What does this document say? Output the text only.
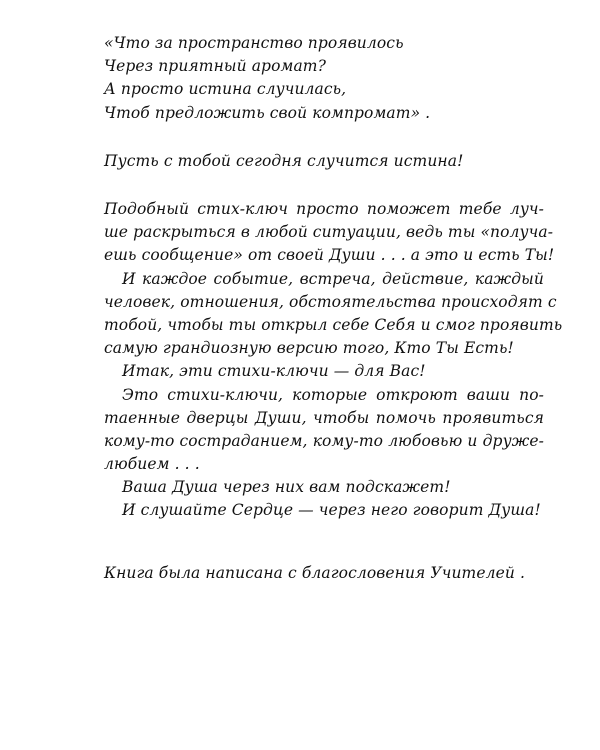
«Что за пространство проявилось
Через приятный аромат?
А просто истина случилась,
Чтоб предложить свой компромат» .
Пусть с тобой сегодня случится истина!
Подобный стих-ключ просто поможет тебе луч-
ше раскрыться в любой ситуации, ведь ты «получа-
ешь сообщение» от своей Души . . . а это и есть Ты!
И каждое событие, встреча, действие, каждый
человек, отношения, обстоятельства происходят с
тобой, чтобы ты открыл себе Себя и смог проявить
самую грандиозную версию того, Кто Ты Есть!
Итак, эти стихи-ключи — для Вас!
Это стихи-ключи, которые откроют ваши по-
таенные дверцы Души, чтобы помочь проявиться
кому-то состраданием, кому-то любовью и друже-
любием . . .
Ваша Душа через них вам подскажет!
И слушайте Сердце — через него говорит Душа!
Книга была написана с благословения Учителей .
